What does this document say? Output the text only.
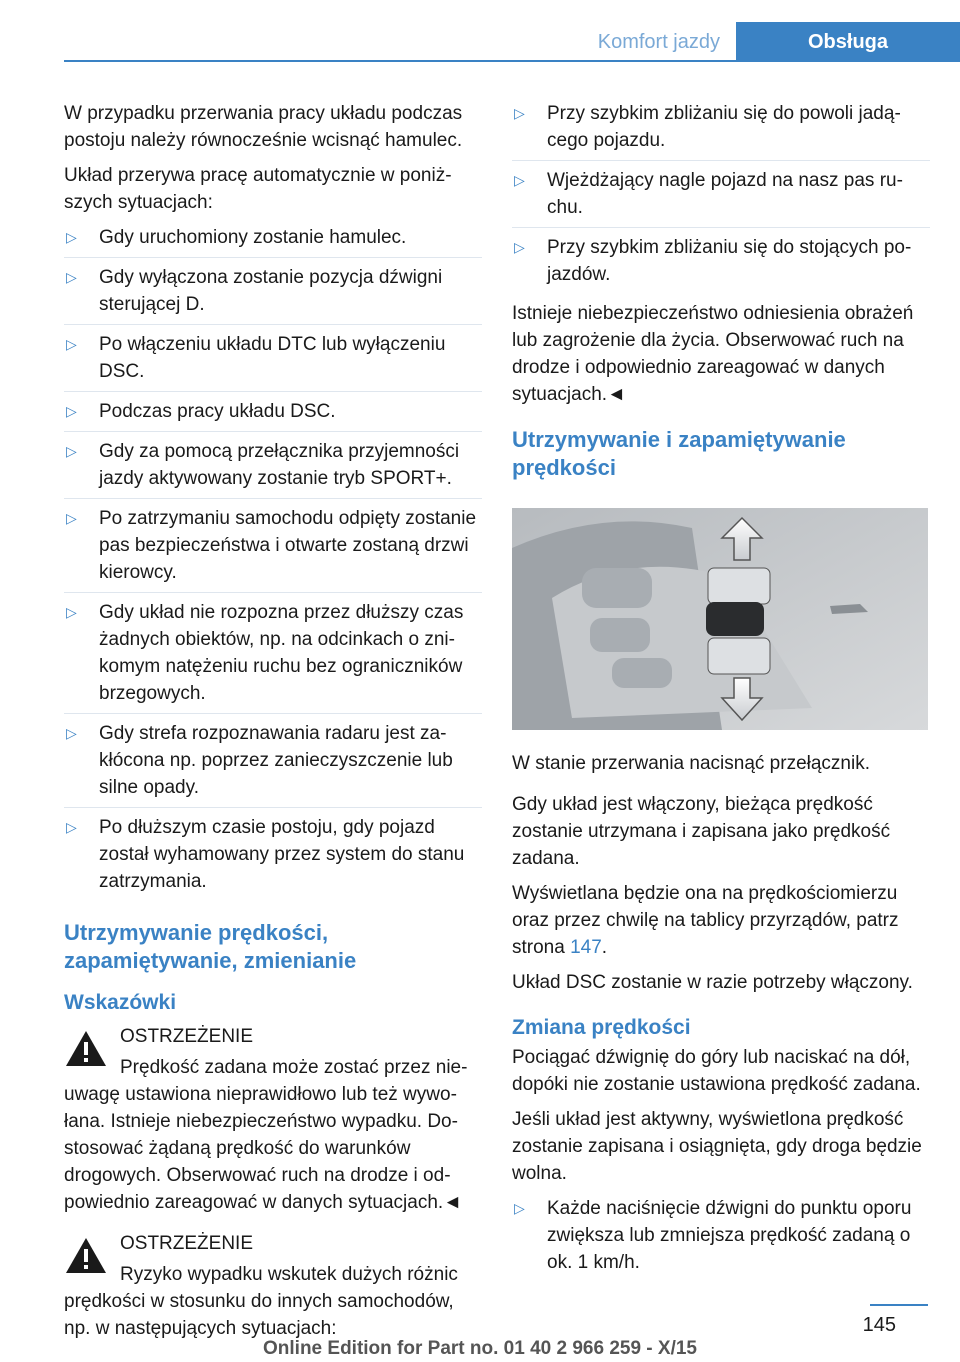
Komfort jazdy	Obsługa

W przypadku przerwania pracy układu podczas postoju należy równocześnie wcisnąć hamulec.

Układ przerywa pracę automatycznie w poniższych sytuacjach:

▷ Gdy uruchomiony zostanie hamulec.
▷ Gdy wyłączona zostanie pozycja dźwigni sterującej D.
▷ Po włączeniu układu DTC lub wyłączeniu DSC.
▷ Podczas pracy układu DSC.
▷ Gdy za pomocą przełącznika przyjemności jazdy aktywowany zostanie tryb SPORT+.
▷ Po zatrzymaniu samochodu odpięty zostanie pas bezpieczeństwa i otwarte zostaną drzwi kierowcy.
▷ Gdy układ nie rozpozna przez dłuższy czas żadnych obiektów, np. na odcinkach o znikomym natężeniu ruchu bez ograniczników brzegowych.
▷ Gdy strefa rozpoznawania radaru jest zakłócona np. poprzez zanieczyszczenie lub silne opady.
▷ Po dłuższym czasie postoju, gdy pojazd został wyhamowany przez system do stanu zatrzymania.
Utrzymywanie prędkości, zapamiętywanie, zmienianie
Wskazówki
OSTRZEŻENIE
Prędkość zadana może zostać przez nieuwagę ustawiona nieprawidłowo lub też wywołana. Istnieje niebezpieczeństwo wypadku. Dostosować żądaną prędkość do warunków drogowych. Obserwować ruch na drodze i odpowiednio zareagować w danych sytuacjach.◄
OSTRZEŻENIE
Ryzyko wypadku wskutek dużych różnic prędkości w stosunku do innych samochodów, np. w następujących sytuacjach:
▷ Przy szybkim zbliżaniu się do powoli jadącego pojazdu.
▷ Wjeżdżający nagle pojazd na nasz pas ruchu.
▷ Przy szybkim zbliżaniu się do stojących pojazdów.

Istnieje niebezpieczeństwo odniesienia obrażeń lub zagrożenie dla życia. Obserwować ruch na drodze i odpowiednio zareagować w danych sytuacjach.◄

Utrzymywanie i zapamiętywanie prędkości

W stanie przerwania nacisnąć przełącznik.

Gdy układ jest włączony, bieżąca prędkość zostanie utrzymana i zapisana jako prędkość zadana.

Wyświetlana będzie ona na prędkościomierzu oraz przez chwilę na tablicy przyrządów, patrz strona 147.

Układ DSC zostanie w razie potrzeby włączony.

Zmiana prędkości

Pociągać dźwignię do góry lub naciskać na dół, dopóki nie zostanie ustawiona prędkość zadana.

Jeśli układ jest aktywny, wyświetlona prędkość zostanie zapisana i osiągnięta, gdy droga będzie wolna.

▷ Każde naciśnięcie dźwigni do punktu oporu zwiększa lub zmniejsza prędkość zadaną o ok. 1 km/h.
145
Online Edition for Part no. 01 40 2 966 259 - X/15
